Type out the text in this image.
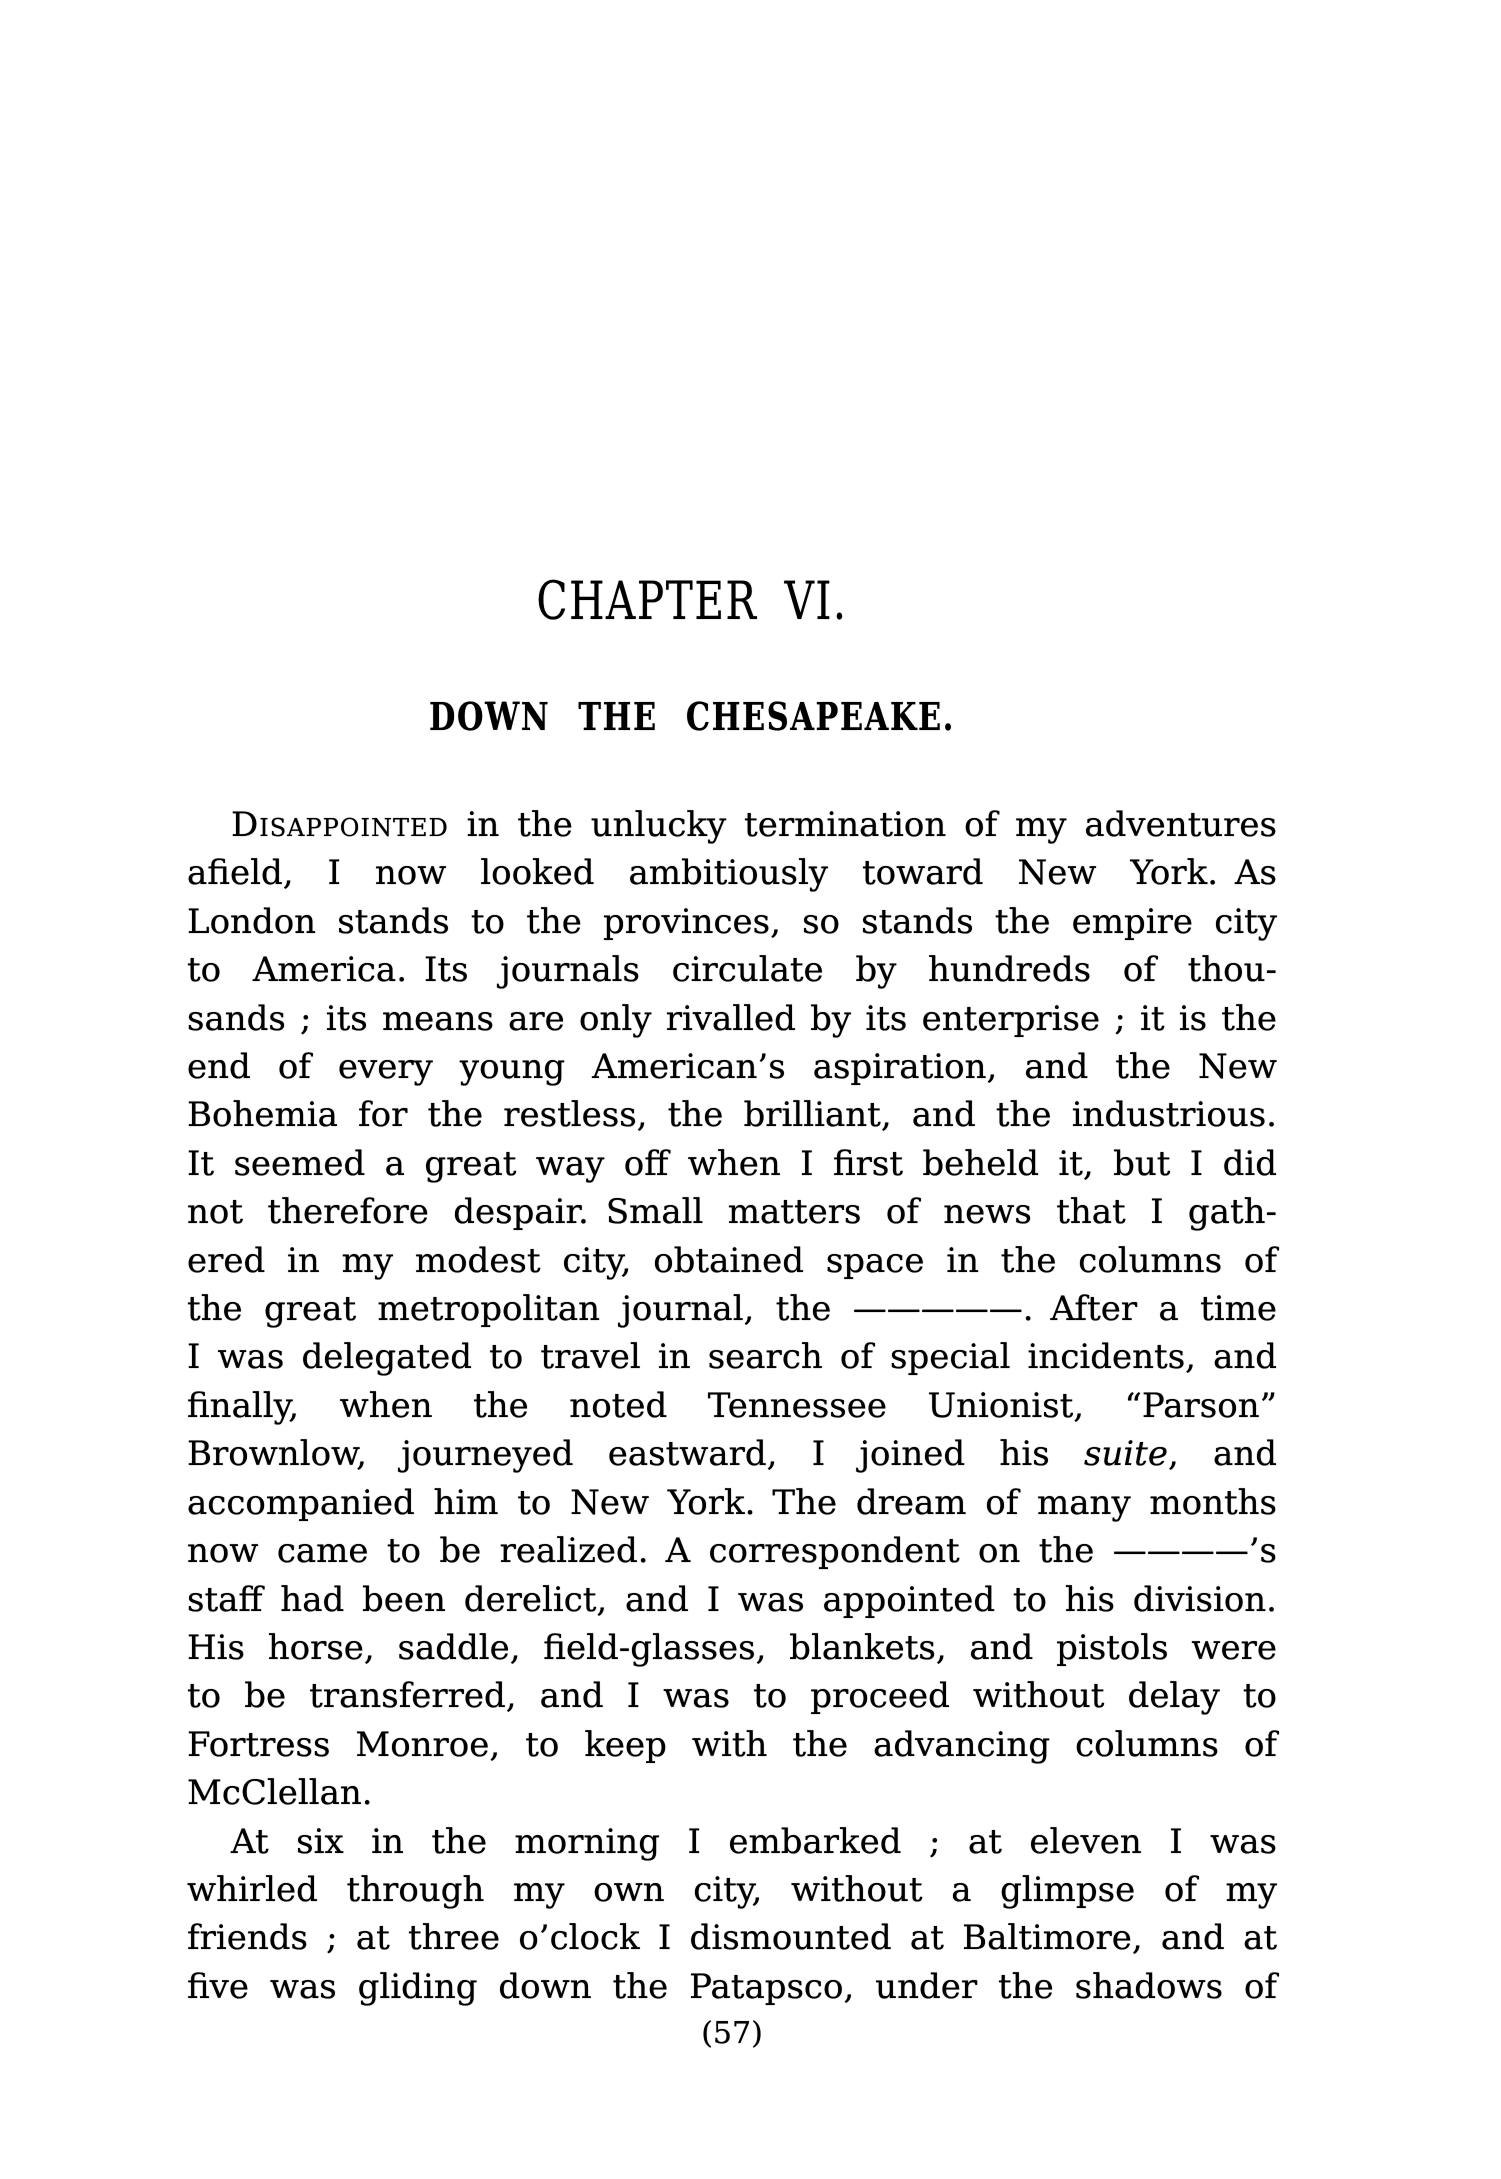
CHAPTER VI.
DOWN THE CHESAPEAKE.
Disappointed in the unlucky termination of my adventures
afield, I now looked ambitiously toward New York. As
London stands to the provinces, so stands the empire city
to America. Its journals circulate by hundreds of thou-
sands ; its means are only rivalled by its enterprise ; it is the
end of every young American’s aspiration, and the New
Bohemia for the restless, the brilliant, and the industrious.
It seemed a great way off when I first beheld it, but I did
not therefore despair. Small matters of news that I gath-
ered in my modest city, obtained space in the columns of
the great metropolitan journal, the —————. After a time
I was delegated to travel in search of special incidents, and
finally, when the noted Tennessee Unionist, “Parson”
Brownlow, journeyed eastward, I joined his suite, and
accompanied him to New York. The dream of many months
now came to be realized. A correspondent on the ————’s
staff had been derelict, and I was appointed to his division.
His horse, saddle, field-glasses, blankets, and pistols were
to be transferred, and I was to proceed without delay to
Fortress Monroe, to keep with the advancing columns of
McClellan.
At six in the morning I embarked ; at eleven I was
whirled through my own city, without a glimpse of my
friends ; at three o’clock I dismounted at Baltimore, and at
five was gliding down the Patapsco, under the shadows of
(57)
